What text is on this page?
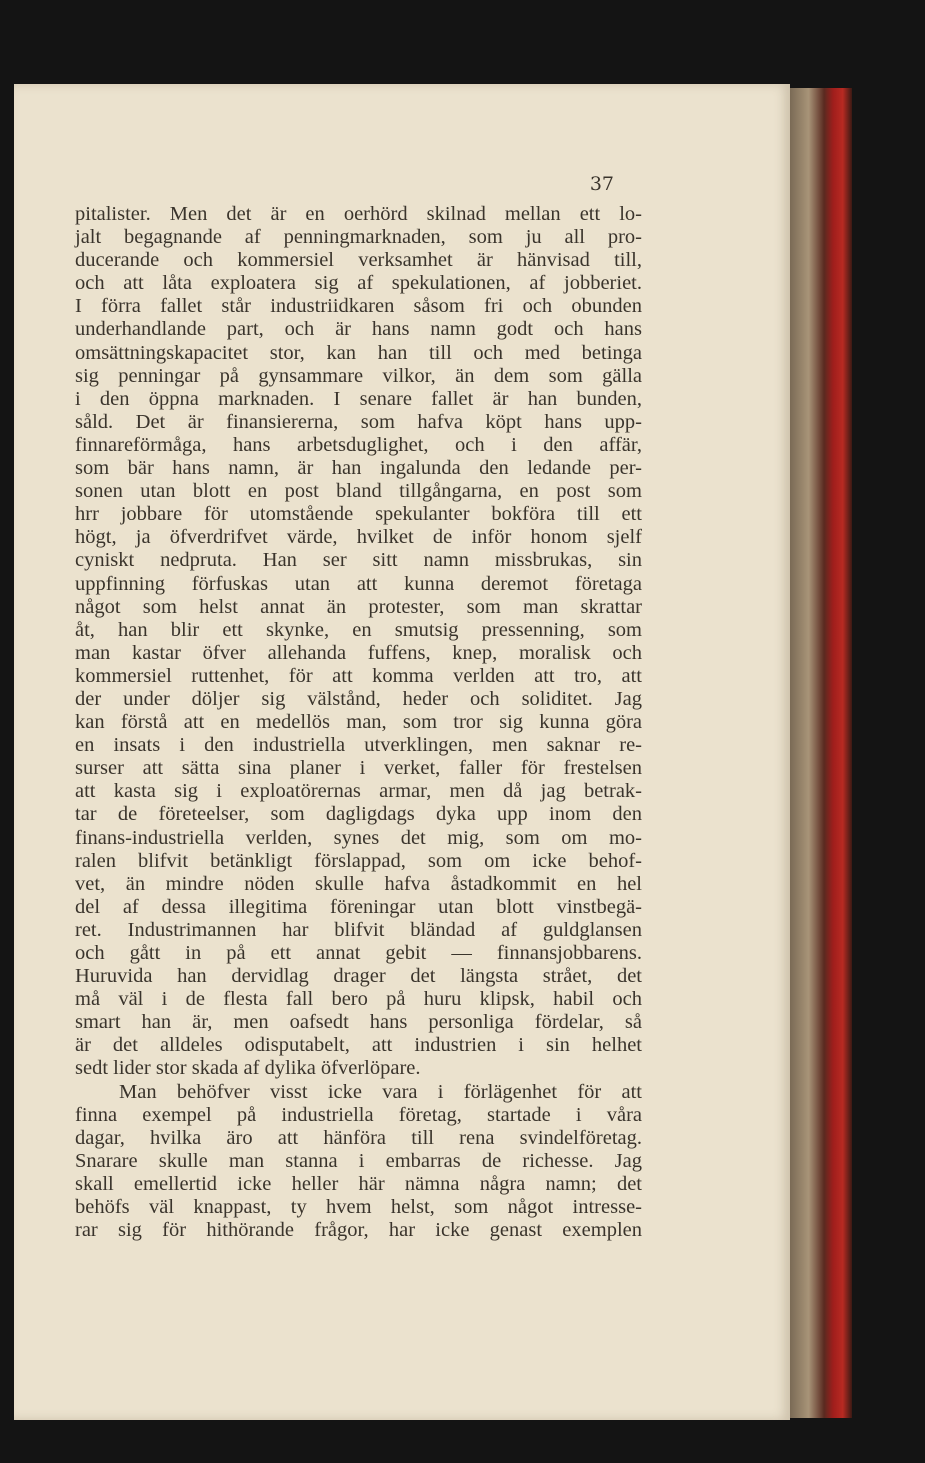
37
pitalister. Men det är en oerhörd skilnad mellan ett lo-
jalt begagnande af penningmarknaden, som ju all pro-
ducerande och kommersiel verksamhet är hänvisad till,
och att låta exploatera sig af spekulationen, af jobberiet.
I förra fallet står industriidkaren såsom fri och obunden
underhandlande part, och är hans namn godt och hans
omsättningskapacitet stor, kan han till och med betinga
sig penningar på gynsammare vilkor, än dem som gälla
i den öppna marknaden. I senare fallet är han bunden,
såld. Det är finansiererna, som hafva köpt hans upp-
finnareförmåga, hans arbetsduglighet, och i den affär,
som bär hans namn, är han ingalunda den ledande per-
sonen utan blott en post bland tillgångarna, en post som
hrr jobbare för utomstående spekulanter bokföra till ett
högt, ja öfverdrifvet värde, hvilket de inför honom sjelf
cyniskt nedpruta. Han ser sitt namn missbrukas, sin
uppfinning förfuskas utan att kunna deremot företaga
något som helst annat än protester, som man skrattar
åt, han blir ett skynke, en smutsig pressenning, som
man kastar öfver allehanda fuffens, knep, moralisk och
kommersiel ruttenhet, för att komma verlden att tro, att
der under döljer sig välstånd, heder och soliditet. Jag
kan förstå att en medellös man, som tror sig kunna göra
en insats i den industriella utverklingen, men saknar re-
surser att sätta sina planer i verket, faller för frestelsen
att kasta sig i exploatörernas armar, men då jag betrak-
tar de företeelser, som dagligdags dyka upp inom den
finans-industriella verlden, synes det mig, som om mo-
ralen blifvit betänkligt förslappad, som om icke behof-
vet, än mindre nöden skulle hafva åstadkommit en hel
del af dessa illegitima föreningar utan blott vinstbegä-
ret. Industrimannen har blifvit bländad af guldglansen
och gått in på ett annat gebit — finnansjobbarens.
Huruvida han dervidlag drager det längsta strået, det
må väl i de flesta fall bero på huru klipsk, habil och
smart han är, men oafsedt hans personliga fördelar, så
är det alldeles odisputabelt, att industrien i sin helhet
sedt lider stor skada af dylika öfverlöpare.
Man behöfver visst icke vara i förlägenhet för att
finna exempel på industriella företag, startade i våra
dagar, hvilka äro att hänföra till rena svindelföretag.
Snarare skulle man stanna i embarras de richesse. Jag
skall emellertid icke heller här nämna några namn; det
behöfs väl knappast, ty hvem helst, som något intresse-
rar sig för hithörande frågor, har icke genast exemplen
